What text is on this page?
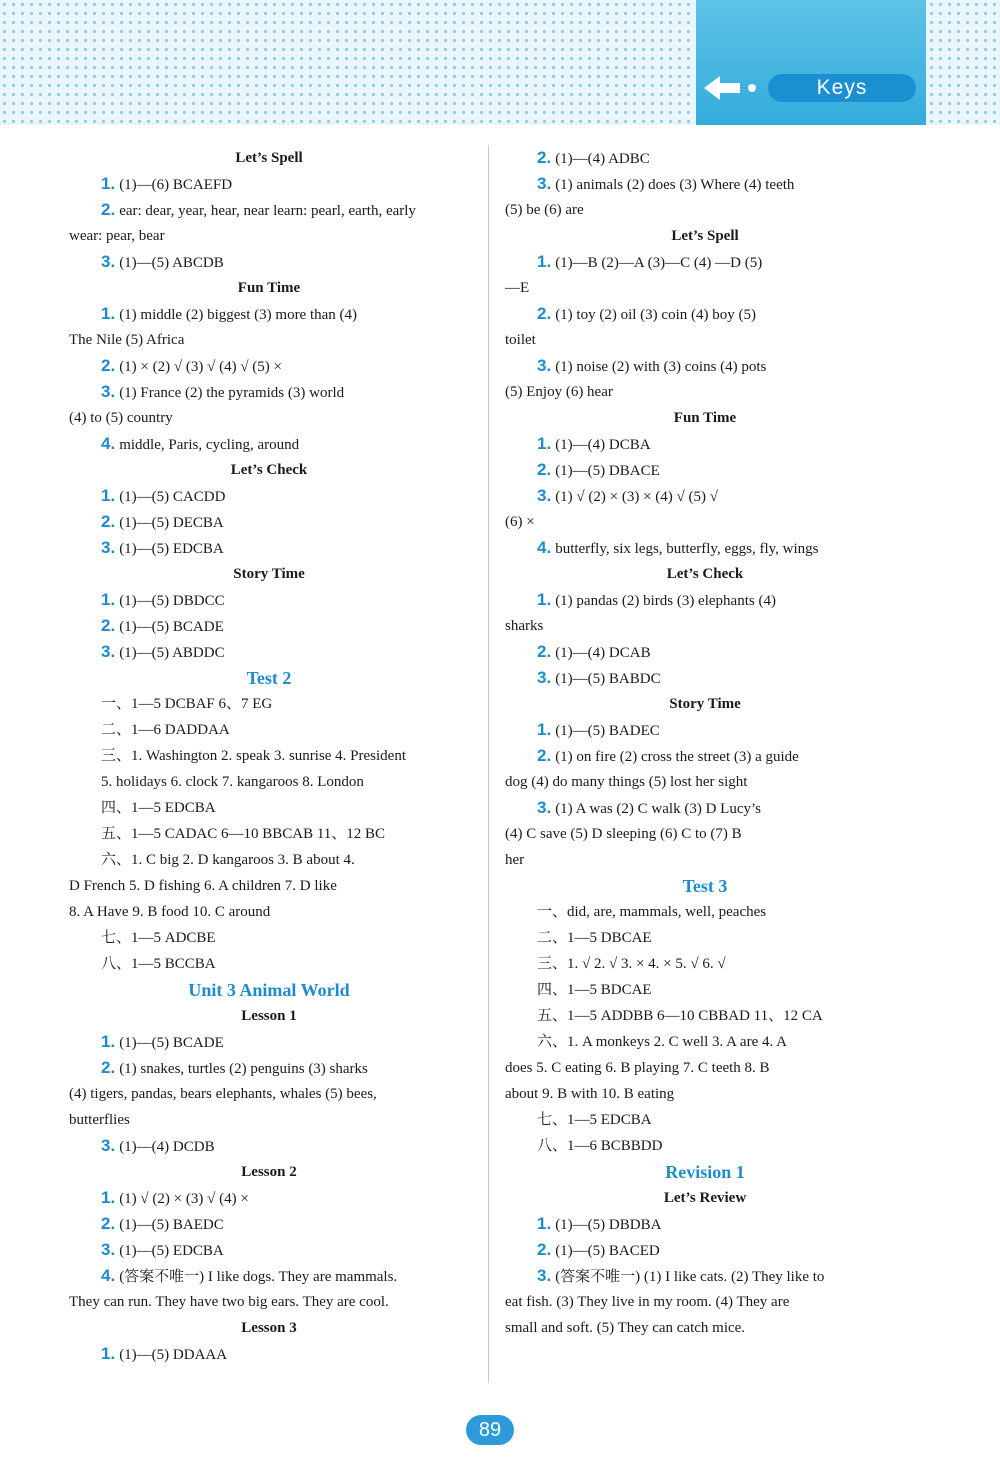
Keys
Let’s Spell
1. (1)—(6) BCAEFD
2. ear: dear, year, hear, near learn: pearl, earth, early
wear: pear, bear
3. (1)—(5) ABCDB
Fun Time
1. (1) middle (2) biggest (3) more than (4)
The Nile (5) Africa
2. (1) × (2) √ (3) √ (4) √ (5) ×
3. (1) France (2) the pyramids (3) world
(4) to (5) country
4. middle, Paris, cycling, around
Let’s Check
1. (1)—(5) CACDD
2. (1)—(5) DECBA
3. (1)—(5) EDCBA
Story Time
1. (1)—(5) DBDCC
2. (1)—(5) BCADE
3. (1)—(5) ABDDC
Test 2
一、1—5 DCBAF 6、7 EG
二、1—6 DADDAA
三、1. Washington 2. speak 3. sunrise 4. President
5. holidays 6. clock 7. kangaroos 8. London
四、1—5 EDCBA
五、1—5 CADAC 6—10 BBCAB 11、12 BC
六、1. C big 2. D kangaroos 3. B about 4.
D French 5. D fishing 6. A children 7. D like
8. A Have 9. B food 10. C around
七、1—5 ADCBE
八、1—5 BCCBA
Unit 3 Animal World
Lesson 1
1. (1)—(5) BCADE
2. (1) snakes, turtles (2) penguins (3) sharks
(4) tigers, pandas, bears elephants, whales (5) bees,
butterflies
3. (1)—(4) DCDB
Lesson 2
1. (1) √ (2) × (3) √ (4) ×
2. (1)—(5) BAEDC
3. (1)—(5) EDCBA
4. (答案不唯一) I like dogs. They are mammals.
They can run. They have two big ears. They are cool.
Lesson 3
1. (1)—(5) DDAAA
2. (1)—(4) ADBC
3. (1) animals (2) does (3) Where (4) teeth
(5) be (6) are
Let’s Spell
1. (1)—B (2)—A (3)—C (4) —D (5)
—E
2. (1) toy (2) oil (3) coin (4) boy (5)
toilet
3. (1) noise (2) with (3) coins (4) pots
(5) Enjoy (6) hear
Fun Time
1. (1)—(4) DCBA
2. (1)—(5) DBACE
3. (1) √ (2) × (3) × (4) √ (5) √
(6) ×
4. butterfly, six legs, butterfly, eggs, fly, wings
Let’s Check
1. (1) pandas (2) birds (3) elephants (4)
sharks
2. (1)—(4) DCAB
3. (1)—(5) BABDC
Story Time
1. (1)—(5) BADEC
2. (1) on fire (2) cross the street (3) a guide
dog (4) do many things (5) lost her sight
3. (1) A was (2) C walk (3) D Lucy’s
(4) C save (5) D sleeping (6) C to (7) B
her
Test 3
一、did, are, mammals, well, peaches
二、1—5 DBCAE
三、1. √ 2. √ 3. × 4. × 5. √ 6. √
四、1—5 BDCAE
五、1—5 ADDBB 6—10 CBBAD 11、12 CA
六、1. A monkeys 2. C well 3. A are 4. A
does 5. C eating 6. B playing 7. C teeth 8. B
about 9. B with 10. B eating
七、1—5 EDCBA
八、1—6 BCBBDD
Revision 1
Let’s Review
1. (1)—(5) DBDBA
2. (1)—(5) BACED
3. (答案不唯一) (1) I like cats. (2) They like to
eat fish. (3) They live in my room. (4) They are
small and soft. (5) They can catch mice.
89
